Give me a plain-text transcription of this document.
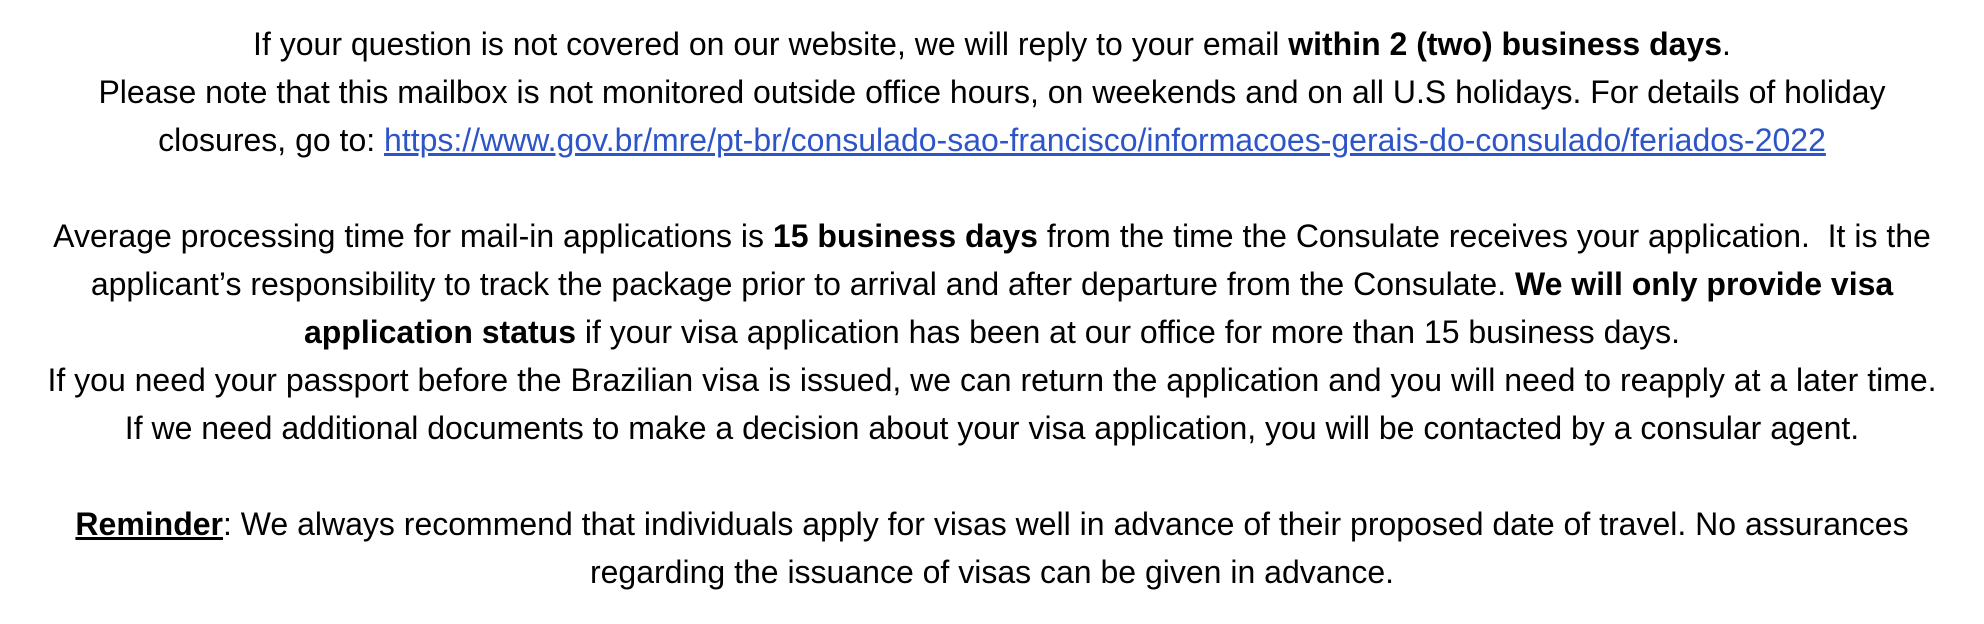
If your question is not covered on our website, we will reply to your email within 2 (two) business days.
Please note that this mailbox is not monitored outside office hours, on weekends and on all U.S holidays. For details of holiday
closures, go to: https://www.gov.br/mre/pt-br/consulado-sao-francisco/informacoes-gerais-do-consulado/feriados-2022

Average processing time for mail-in applications is 15 business days from the time the Consulate receives your application.  It is the
applicant’s responsibility to track the package prior to arrival and after departure from the Consulate. We will only provide visa
application status if your visa application has been at our office for more than 15 business days.
If you need your passport before the Brazilian visa is issued, we can return the application and you will need to reapply at a later time.
If we need additional documents to make a decision about your visa application, you will be contacted by a consular agent.

Reminder: We always recommend that individuals apply for visas well in advance of their proposed date of travel. No assurances
regarding the issuance of visas can be given in advance.
